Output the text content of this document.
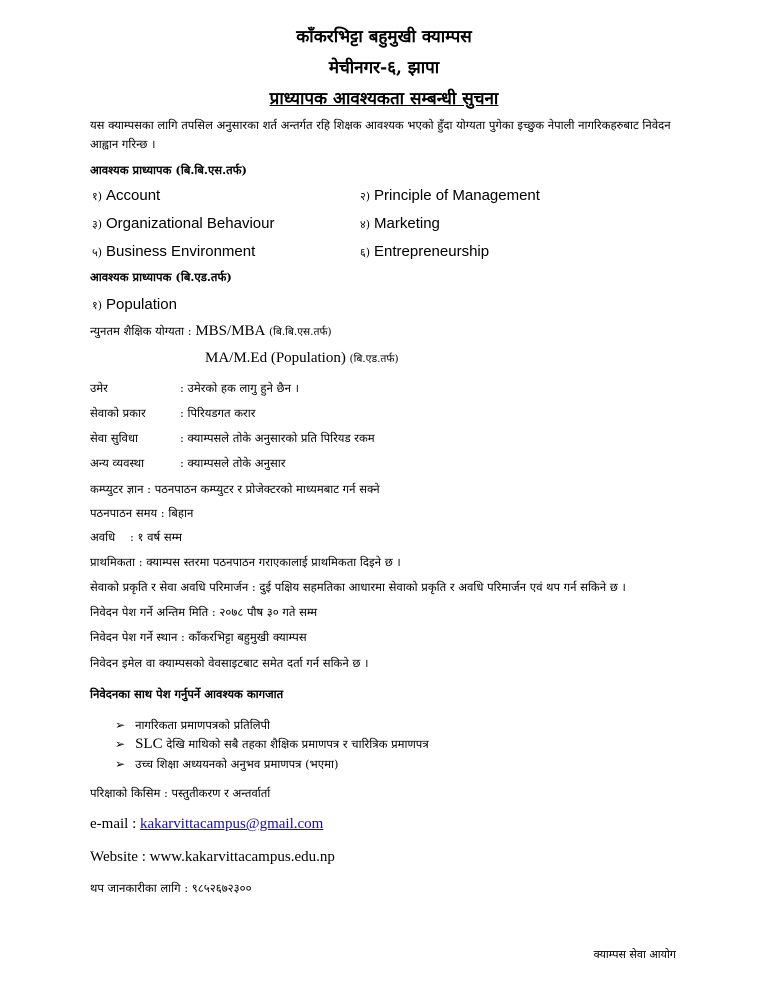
काँकरभिट्टा बहुमुखी क्याम्पस
मेचीनगर-६, झापा
प्राध्यापक आवश्यकता सम्बन्धी सुचना
यस क्याम्पसका लागि तपसिल अनुसारका शर्त अन्तर्गत रहि शिक्षक आवश्यक भएको हुँदा योग्यता पुगेका इच्छुक नेपाली नागरिकहरुबाट निवेदन आह्वान गरिन्छ ।
आवश्यक प्राध्यापक (बि.बि.एस.तर्फ)
१) Account	२) Principle of Management
३) Organizational Behaviour	४) Marketing
५) Business Environment	६) Entrepreneurship
आवश्यक प्राध्यापक (बि.एड.तर्फ)
१) Population
न्युनतम शैक्षिक योग्यता : MBS/MBA (बि.बि.एस.तर्फ)
MA/M.Ed (Population) (बि.एड.तर्फ)
उमेर	: उमेरको हक लागु हुने छैन ।
सेवाको प्रकार	: पिरियडगत करार
सेवा सुविधा	: क्याम्पसले तोके अनुसारको प्रति पिरियड रकम
अन्य व्यवस्था	: क्याम्पसले तोके अनुसार
कम्प्युटर ज्ञान : पठनपाठन कम्प्युटर र प्रोजेक्टरको माध्यमबाट गर्न सक्ने
पठनपाठन समय : बिहान
अवधि : १ वर्ष सम्म
प्राथमिकता : क्याम्पस स्तरमा पठनपाठन गराएकालाई प्राथमिकता दिइने छ ।
सेवाको प्रकृति र सेवा अवधि परिमार्जन : दुई पक्षिय सहमतिका आधारमा सेवाको प्रकृति र अवधि परिमार्जन एवं थप गर्न सकिने छ ।
निवेदन पेश गर्ने अन्तिम मिति : २०७८ पौष ३० गते सम्म
निवेदन पेश गर्ने स्थान : काँकरभिट्टा बहुमुखी क्याम्पस
निवेदन इमेल वा क्याम्पसको वेवसाइटबाट समेत दर्ता गर्न सकिने छ ।
निवेदनका साथ पेश गर्नुपर्ने आवश्यक कागजात
➢ नागरिकता प्रमाणपत्रको प्रतिलिपी
➢ SLC देखि माथिको सबै तहका शैक्षिक प्रमाणपत्र र चारित्रिक प्रमाणपत्र
➢ उच्च शिक्षा अध्ययनको अनुभव प्रमाणपत्र (भएमा)
परिक्षाको किसिम : पस्तुतीकरण र अन्तर्वार्ता
e-mail : kakarvittacampus@gmail.com
Website : www.kakarvittacampus.edu.np
थप जानकारीका लागि : ९८५२६७२३००
क्याम्पस सेवा आयोग
